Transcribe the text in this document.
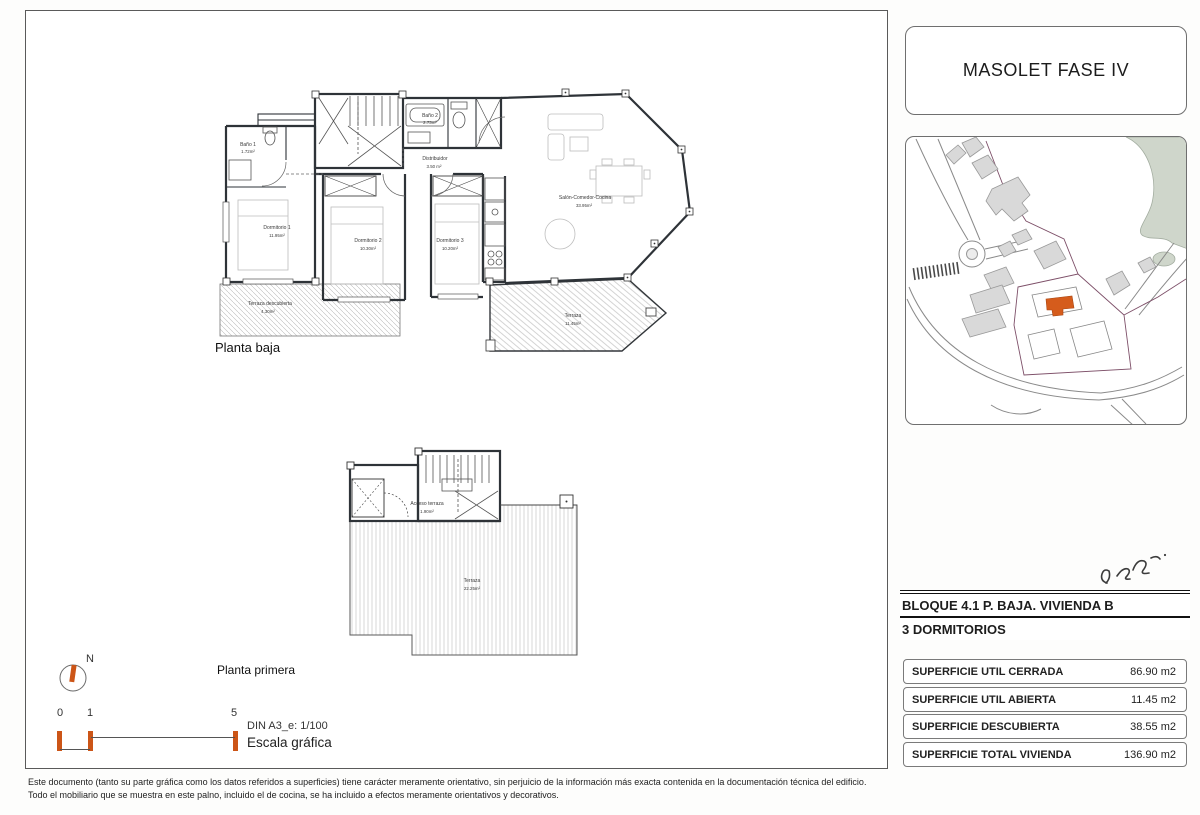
Baño 1
1.72m²
Baño 2
2.73m²
Distribuidor
3.50 m²
Dormitorio 1
11.95m²
Dormitorio 2
10.30m²
Dormitorio 3
10.20m²
Salón-Comedor-Cocina
33.95m²
Terraza descubierta
4.30m²
Terraza
11.45m²
Planta baja
Acceso terraza
1.90m²
Terraza
22.25m²
Planta primera
N
0 1	5
DIN A3_e: 1/100
Escala gráfica
MASOLET FASE IV
BLOQUE 4.1 P. BAJA. VIVIENDA B
3 DORMITORIOS
SUPERFICIE UTIL CERRADA	86.90 m2
SUPERFICIE UTIL ABIERTA	11.45 m2
SUPERFICIE DESCUBIERTA	38.55 m2
SUPERFICIE TOTAL VIVIENDA	136.90 m2
Este documento (tanto su parte gráfica como los datos referidos a superficies) tiene carácter meramente orientativo, sin perjuicio de la información más exacta contenida en la documentación técnica del edificio.
Todo el mobiliario que se muestra en este palno, incluido el de cocina, se ha incluido a efectos meramente orientativos y decorativos.
